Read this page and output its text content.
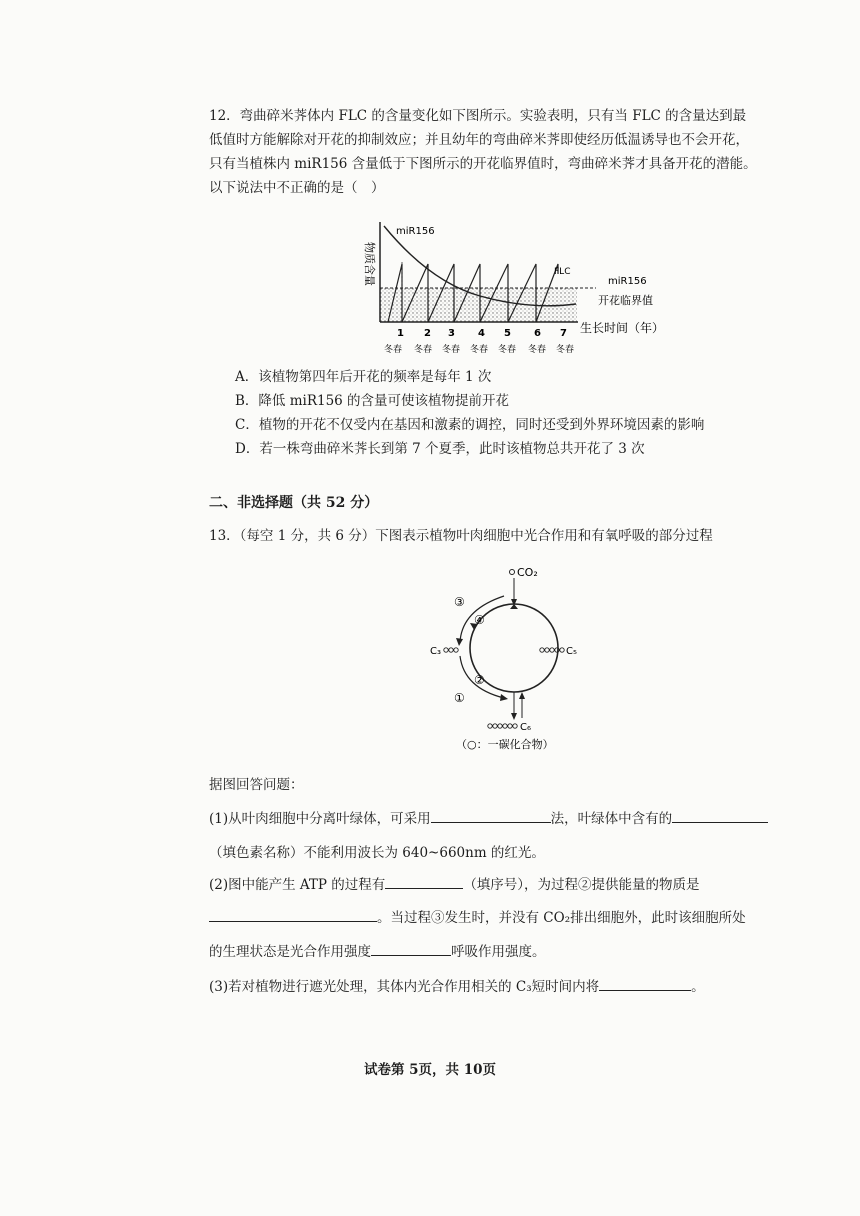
12．弯曲碎米荠体内 FLC 的含量变化如下图所示。实验表明，只有当 FLC 的含量达到最
低值时方能解除对开花的抑制效应；并且幼年的弯曲碎米荠即使经历低温诱导也不会开花，
只有当植株内 miR156 含量低于下图所示的开花临界值时，弯曲碎米荠才具备开花的潜能。
以下说法中不正确的是（　）
miR156
FLC
miR156
开花临界值
物质含量
生长时间（年）
1 2 3 4 5 6 7
冬春 冬春 冬春 冬春 冬春 冬春 冬春
A．该植物第四年后开花的频率是每年 1 次
B．降低 miR156 的含量可使该植物提前开花
C．植物的开花不仅受内在基因和激素的调控，同时还受到外界环境因素的影响
D．若一株弯曲碎米荠长到第 7 个夏季，此时该植物总共开花了 3 次
二、非选择题（共 52 分）
13．（每空 1 分，共 6 分）下图表示植物叶肉细胞中光合作用和有氧呼吸的部分过程
CO₂
C₃	C₅
③
④
②
①
C₆
（○：一碳化合物）
据图回答问题：
(1)从叶肉细胞中分离叶绿体，可采用	法，叶绿体中含有的
（填色素名称）不能利用波长为 640~660nm 的红光。
(2)图中能产生 ATP 的过程有	（填序号），为过程②提供能量的物质是
。当过程③发生时，并没有 CO₂排出细胞外，此时该细胞所处
的生理状态是光合作用强度	呼吸作用强度。
(3)若对植物进行遮光处理，其体内光合作用相关的 C₃短时间内将	。
试卷第 5页，共 10页
